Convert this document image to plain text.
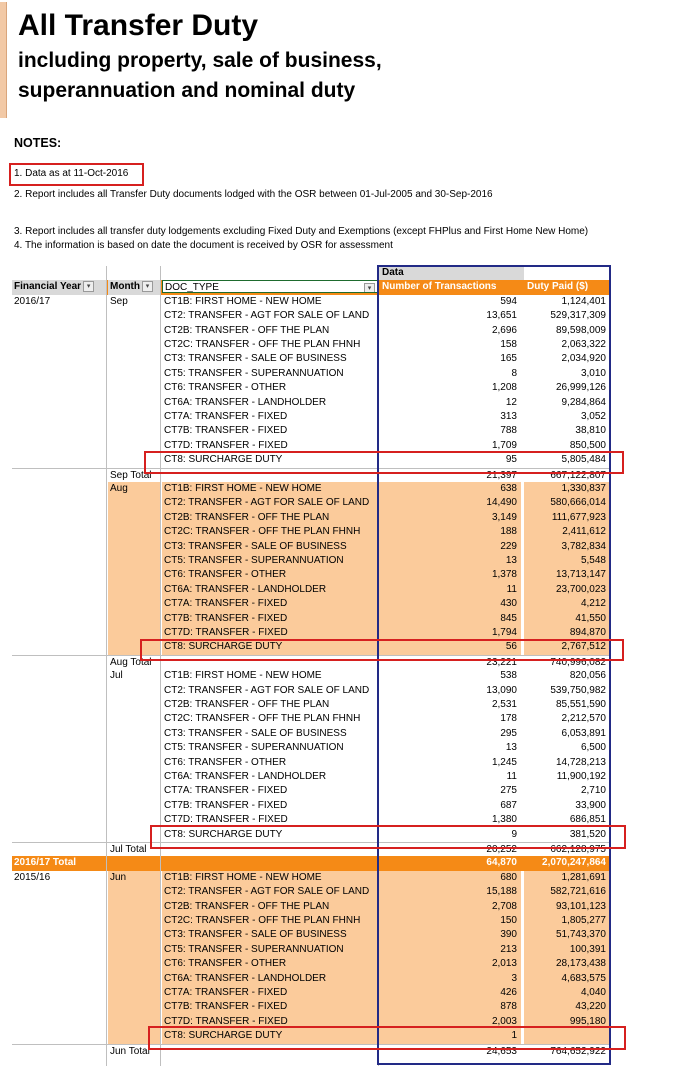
All Transfer Duty
including property, sale of business,
superannuation and nominal duty
NOTES:
1. Data as at 11-Oct-2016
2. Report includes all Transfer Duty documents lodged with the OSR between 01-Jul-2005 and 30-Sep-2016
3. Report includes all transfer duty lodgements excluding Fixed Duty and Exemptions (except FHPlus and First Home New Home)
4. The information is based on date the document is received by OSR for assessment
Data
Financial Year ▾	Month ▾	DOC_TYPE	▾	Number of Transactions	Duty Paid ($)
2016/17	Sep	CT1B: FIRST HOME - NEW HOME	594	1,124,401
CT2: TRANSFER - AGT FOR SALE OF LAND	13,651	529,317,309
CT2B: TRANSFER - OFF THE PLAN	2,696	89,598,009
CT2C: TRANSFER - OFF THE PLAN FHNH	158	2,063,322
CT3: TRANSFER - SALE OF BUSINESS	165	2,034,920
CT5: TRANSFER - SUPERANNUATION	8	3,010
CT6: TRANSFER - OTHER	1,208	26,999,126
CT6A: TRANSFER - LANDHOLDER	12	9,284,864
CT7A: TRANSFER - FIXED	313	3,052
CT7B: TRANSFER - FIXED	788	38,810
CT7D: TRANSFER - FIXED	1,709	850,500
CT8: SURCHARGE DUTY	95	5,805,484
Sep Total	21,397	667,122,807
Aug	CT1B: FIRST HOME - NEW HOME	638	1,330,837
CT2: TRANSFER - AGT FOR SALE OF LAND	14,490	580,666,014
CT2B: TRANSFER - OFF THE PLAN	3,149	111,677,923
CT2C: TRANSFER - OFF THE PLAN FHNH	188	2,411,612
CT3: TRANSFER - SALE OF BUSINESS	229	3,782,834
CT5: TRANSFER - SUPERANNUATION	13	5,548
CT6: TRANSFER - OTHER	1,378	13,713,147
CT6A: TRANSFER - LANDHOLDER	11	23,700,023
CT7A: TRANSFER - FIXED	430	4,212
CT7B: TRANSFER - FIXED	845	41,550
CT7D: TRANSFER - FIXED	1,794	894,870
CT8: SURCHARGE DUTY	56	2,767,512
Aug Total	23,221	740,996,082
Jul	CT1B: FIRST HOME - NEW HOME	538	820,056
CT2: TRANSFER - AGT FOR SALE OF LAND	13,090	539,750,982
CT2B: TRANSFER - OFF THE PLAN	2,531	85,551,590
CT2C: TRANSFER - OFF THE PLAN FHNH	178	2,212,570
CT3: TRANSFER - SALE OF BUSINESS	295	6,053,891
CT5: TRANSFER - SUPERANNUATION	13	6,500
CT6: TRANSFER - OTHER	1,245	14,728,213
CT6A: TRANSFER - LANDHOLDER	11	11,900,192
CT7A: TRANSFER - FIXED	275	2,710
CT7B: TRANSFER - FIXED	687	33,900
CT7D: TRANSFER - FIXED	1,380	686,851
CT8: SURCHARGE DUTY	9	381,520
Jul Total	20,252	662,128,975
2016/17 Total	64,870	2,070,247,864
2015/16	Jun	CT1B: FIRST HOME - NEW HOME	680	1,281,691
CT2: TRANSFER - AGT FOR SALE OF LAND	15,188	582,721,616
CT2B: TRANSFER - OFF THE PLAN	2,708	93,101,123
CT2C: TRANSFER - OFF THE PLAN FHNH	150	1,805,277
CT3: TRANSFER - SALE OF BUSINESS	390	51,743,370
CT5: TRANSFER - SUPERANNUATION	213	100,391
CT6: TRANSFER - OTHER	2,013	28,173,438
CT6A: TRANSFER - LANDHOLDER	3	4,683,575
CT7A: TRANSFER - FIXED	426	4,040
CT7B: TRANSFER - FIXED	878	43,220
CT7D: TRANSFER - FIXED	2,003	995,180
CT8: SURCHARGE DUTY	1
Jun Total	24,653	764,652,922
